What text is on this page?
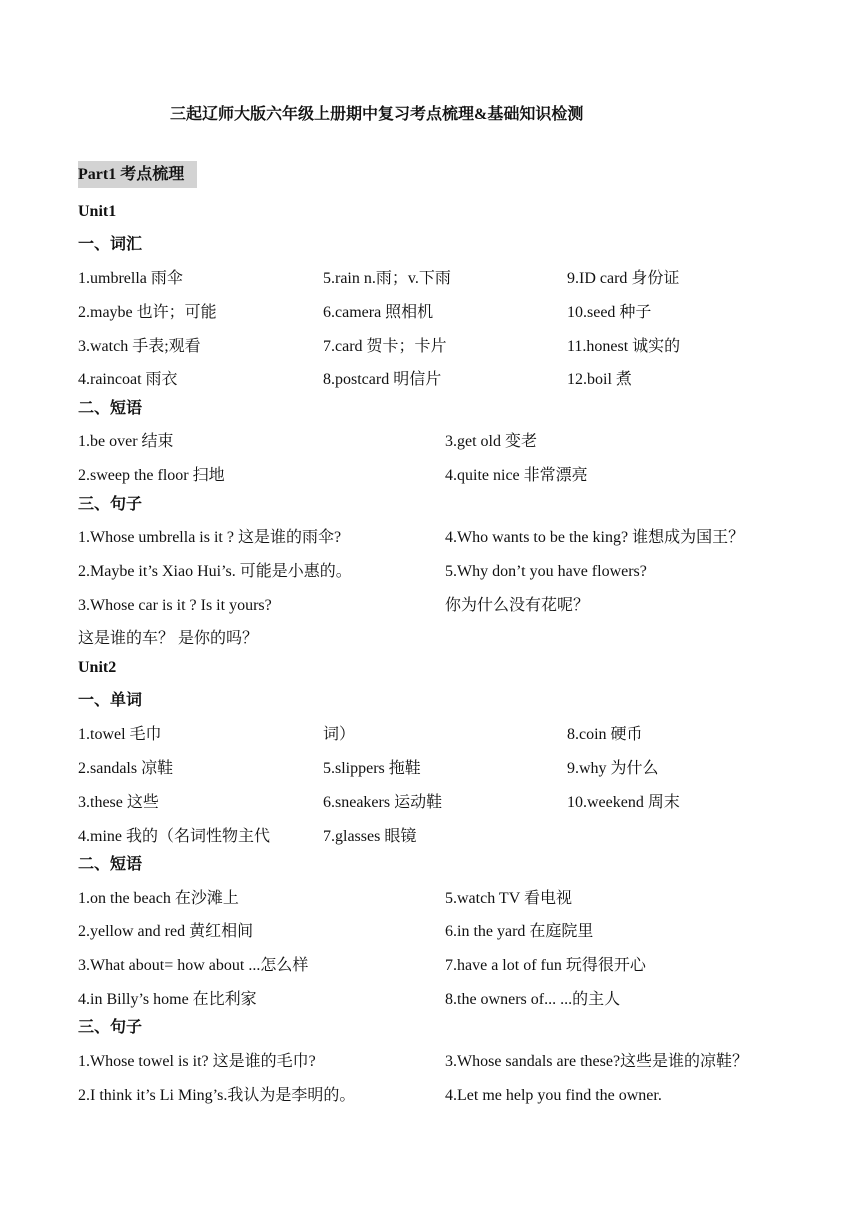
三起辽师大版六年级上册期中复习考点梳理&基础知识检测
Part1 考点梳理
Unit1
一、词汇
1.umbrella 雨伞
2.maybe 也许；可能
3.watch 手表;观看
4.raincoat 雨衣
5.rain n.雨；v.下雨
6.camera 照相机
7.card 贺卡；卡片
8.postcard 明信片
9.ID card 身份证
10.seed 种子
11.honest 诚实的
12.boil 煮
二、短语
1.be over 结束
2.sweep the floor 扫地
3.get old 变老
4.quite nice 非常漂亮
三、句子
1.Whose umbrella is it ? 这是谁的雨伞?
2.Maybe it’s Xiao Hui’s. 可能是小惠的。
3.Whose car is it ? Is it yours?
这是谁的车？ 是你的吗？
4.Who wants to be the king? 谁想成为国王？
5.Why don’t you have flowers?
你为什么没有花呢？
Unit2
一、单词
1.towel 毛巾
2.sandals 凉鞋
3.these 这些
4.mine 我的（名词性物主代
词）
5.slippers 拖鞋
6.sneakers 运动鞋
7.glasses 眼镜
8.coin 硬币
9.why 为什么
10.weekend 周末
二、短语
1.on the beach 在沙滩上
2.yellow and red 黄红相间
3.What about= how about ...怎么样
4.in Billy’s home 在比利家
5.watch TV 看电视
6.in the yard 在庭院里
7.have a lot of fun 玩得很开心
8.the owners of... ...的主人
三、句子
1.Whose towel is it? 这是谁的毛巾?
2.I think it’s Li Ming’s.我认为是李明的。
3.Whose sandals are these?这些是谁的凉鞋？
4.Let me help you find the owner.
